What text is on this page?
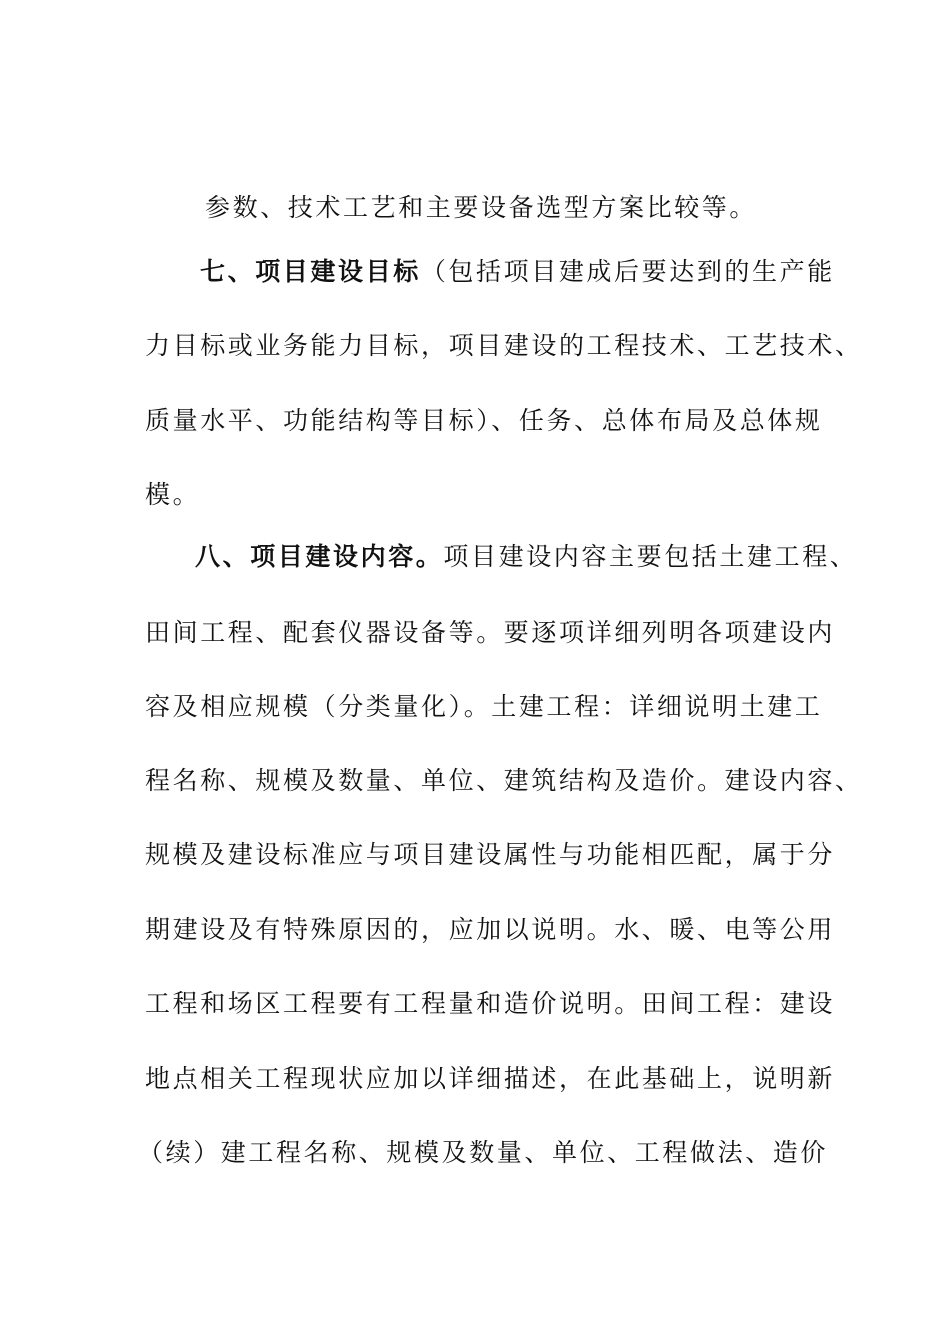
参数、技术工艺和主要设备选型方案比较等。
七、项目建设目标（包括项目建成后要达到的生产能
力目标或业务能力目标，项目建设的工程技术、工艺技术、
质量水平、功能结构等目标）、任务、总体布局及总体规
模。
八、项目建设内容。项目建设内容主要包括土建工程、
田间工程、配套仪器设备等。要逐项详细列明各项建设内
容及相应规模（分类量化）。土建工程：详细说明土建工
程名称、规模及数量、单位、建筑结构及造价。建设内容、
规模及建设标准应与项目建设属性与功能相匹配，属于分
期建设及有特殊原因的，应加以说明。水、暖、电等公用
工程和场区工程要有工程量和造价说明。田间工程：建设
地点相关工程现状应加以详细描述，在此基础上，说明新
（续）建工程名称、规模及数量、单位、工程做法、造价
